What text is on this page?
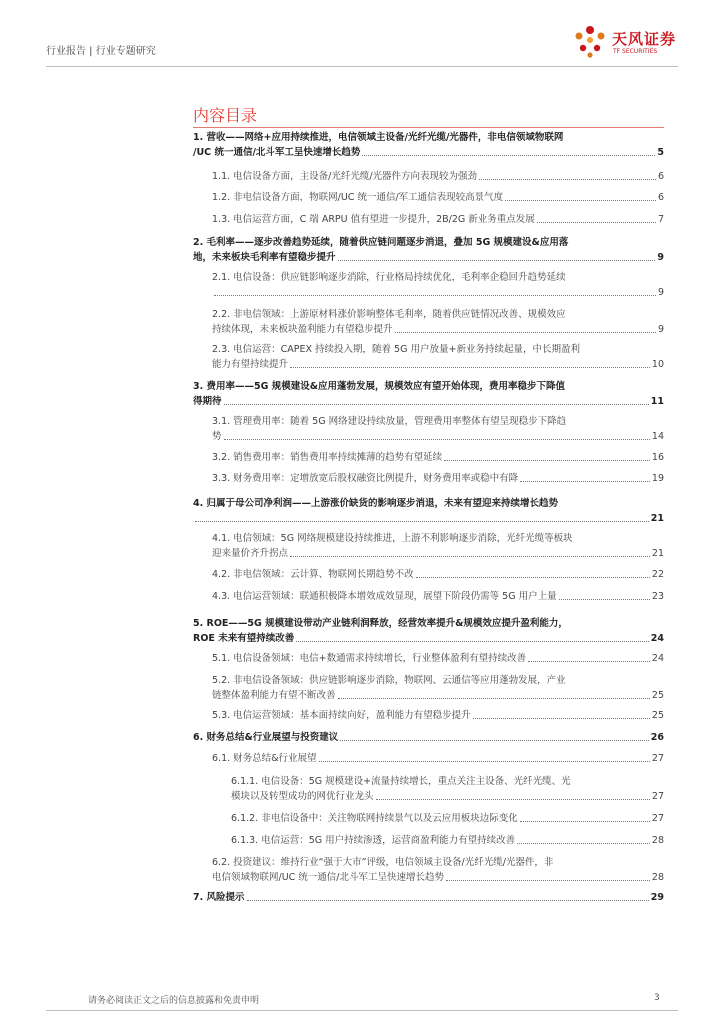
行业报告 | 行业专题研究
天风证券
TF SECURITIES
内容目录
1. 营收——网络+应用持续推进，电信领域主设备/光纤光缆/光器件，非电信领域物联网
/UC 统一通信/北斗军工呈快速增长趋势	5
1.1. 电信设备方面，主设备/光纤光缆/光器件方向表现较为强劲	6
1.2. 非电信设备方面，物联网/UC 统一通信/军工通信表现较高景气度	6
1.3. 电信运营方面，C 端 ARPU 值有望进一步提升，2B/2G 新业务重点发展	7
2. 毛利率——逐步改善趋势延续，随着供应链问题逐步消退，叠加 5G 规模建设&应用落
地，未来板块毛利率有望稳步提升	9
2.1. 电信设备：供应链影响逐步消除，行业格局持续优化，毛利率企稳回升趋势延续
9
2.2. 非电信领域：上游原材料涨价影响整体毛利率，随着供应链情况改善、规模效应
持续体现，未来板块盈利能力有望稳步提升	9
2.3. 电信运营：CAPEX 持续投入期，随着 5G 用户放量+新业务持续起量，中长期盈利
能力有望持续提升	10
3. 费用率——5G 规模建设&应用蓬勃发展，规模效应有望开始体现，费用率稳步下降值
得期待	11
3.1. 管理费用率：随着 5G 网络建设持续放量，管理费用率整体有望呈现稳步下降趋
势	14
3.2. 销售费用率：销售费用率持续摊薄的趋势有望延续	16
3.3. 财务费用率：定增放宽后股权融资比例提升，财务费用率或稳中有降	19
4. 归属于母公司净利润——上游涨价缺货的影响逐步消退，未来有望迎来持续增长趋势
21
4.1. 电信领域：5G 网络规模建设持续推进，上游不利影响逐步消除，光纤光缆等板块
迎来量价齐升拐点	21
4.2. 非电信领域：云计算、物联网长期趋势不改	22
4.3. 电信运营领域：联通积极降本增效成效显现，展望下阶段仍需等 5G 用户上量	23
5. ROE——5G 规模建设带动产业链利润释放，经营效率提升&规模效应提升盈利能力，
ROE 未来有望持续改善	24
5.1. 电信设备领域：电信+数通需求持续增长，行业整体盈利有望持续改善	24
5.2. 非电信设备领域：供应链影响逐步消除，物联网、云通信等应用蓬勃发展，产业
链整体盈利能力有望不断改善	25
5.3. 电信运营领域：基本面持续向好，盈利能力有望稳步提升	25
6. 财务总结&行业展望与投资建议	26
6.1. 财务总结&行业展望	27
6.1.1. 电信设备：5G 规模建设+流量持续增长，重点关注主设备、光纤光缆、光
模块以及转型成功的网优行业龙头	27
6.1.2. 非电信设备中：关注物联网持续景气以及云应用板块边际变化	27
6.1.3. 电信运营：5G 用户持续渗透，运营商盈利能力有望持续改善	28
6.2. 投资建议：维持行业“强于大市”评级，电信领域主设备/光纤光缆/光器件，非
电信领域物联网/UC 统一通信/北斗军工呈快速增长趋势	28
7. 风险提示	29
请务必阅读正文之后的信息披露和免责申明	3
